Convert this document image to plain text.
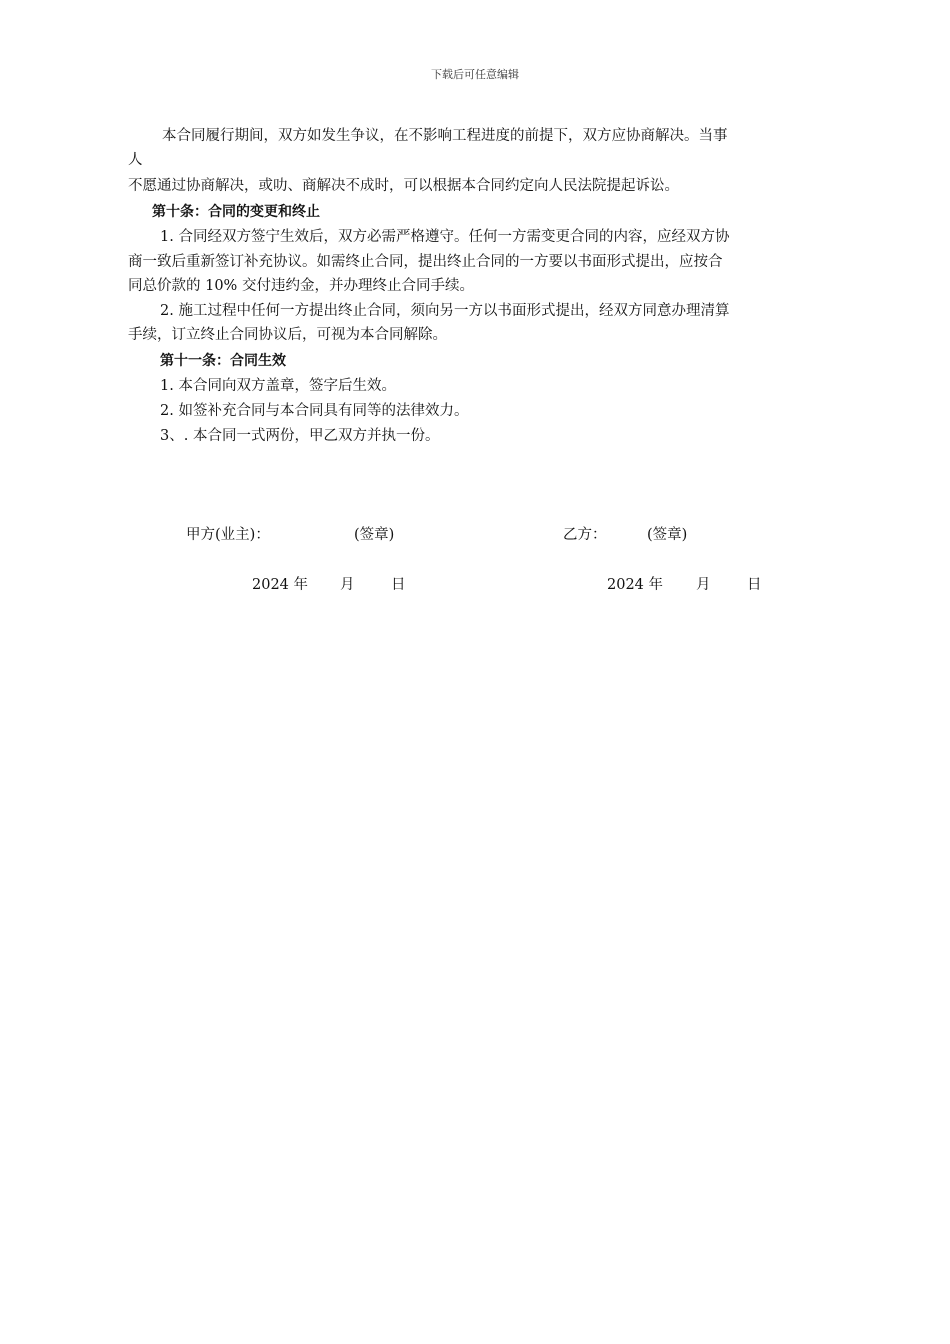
下载后可任意编辑
本合同履行期间，双方如发生争议，在不影响工程进度的前提下，双方应协商解决。当事
人
不愿通过协商解决，或叻、商解决不成时，可以根据本合同约定向人民法院提起诉讼。
第十条：合同的变更和终止
1. 合同经双方签宁生效后，双方必需严格遵守。任何一方需变更合同的内容，应经双方协
商一致后重新签订补充协议。如需终止合同，提出终止合同的一方要以书面形式提出，应按合
同总价款的 10% 交付违约金，并办理终止合同手续。
2. 施工过程中任何一方提出终止合同，须向另一方以书面形式提出，经双方同意办理清算
手续，订立终止合同协议后，可视为本合同解除。
第十一条：合同生效
1. 本合同向双方盖章，签字后生效。
2. 如签补充合同与本合同具有同等的法律效力。
3、. 本合同一式两份，甲乙双方并执一份。
甲方(业主)：	(签章)	乙方：	(签章)
2024 年 月	日	2024 年 月	日
